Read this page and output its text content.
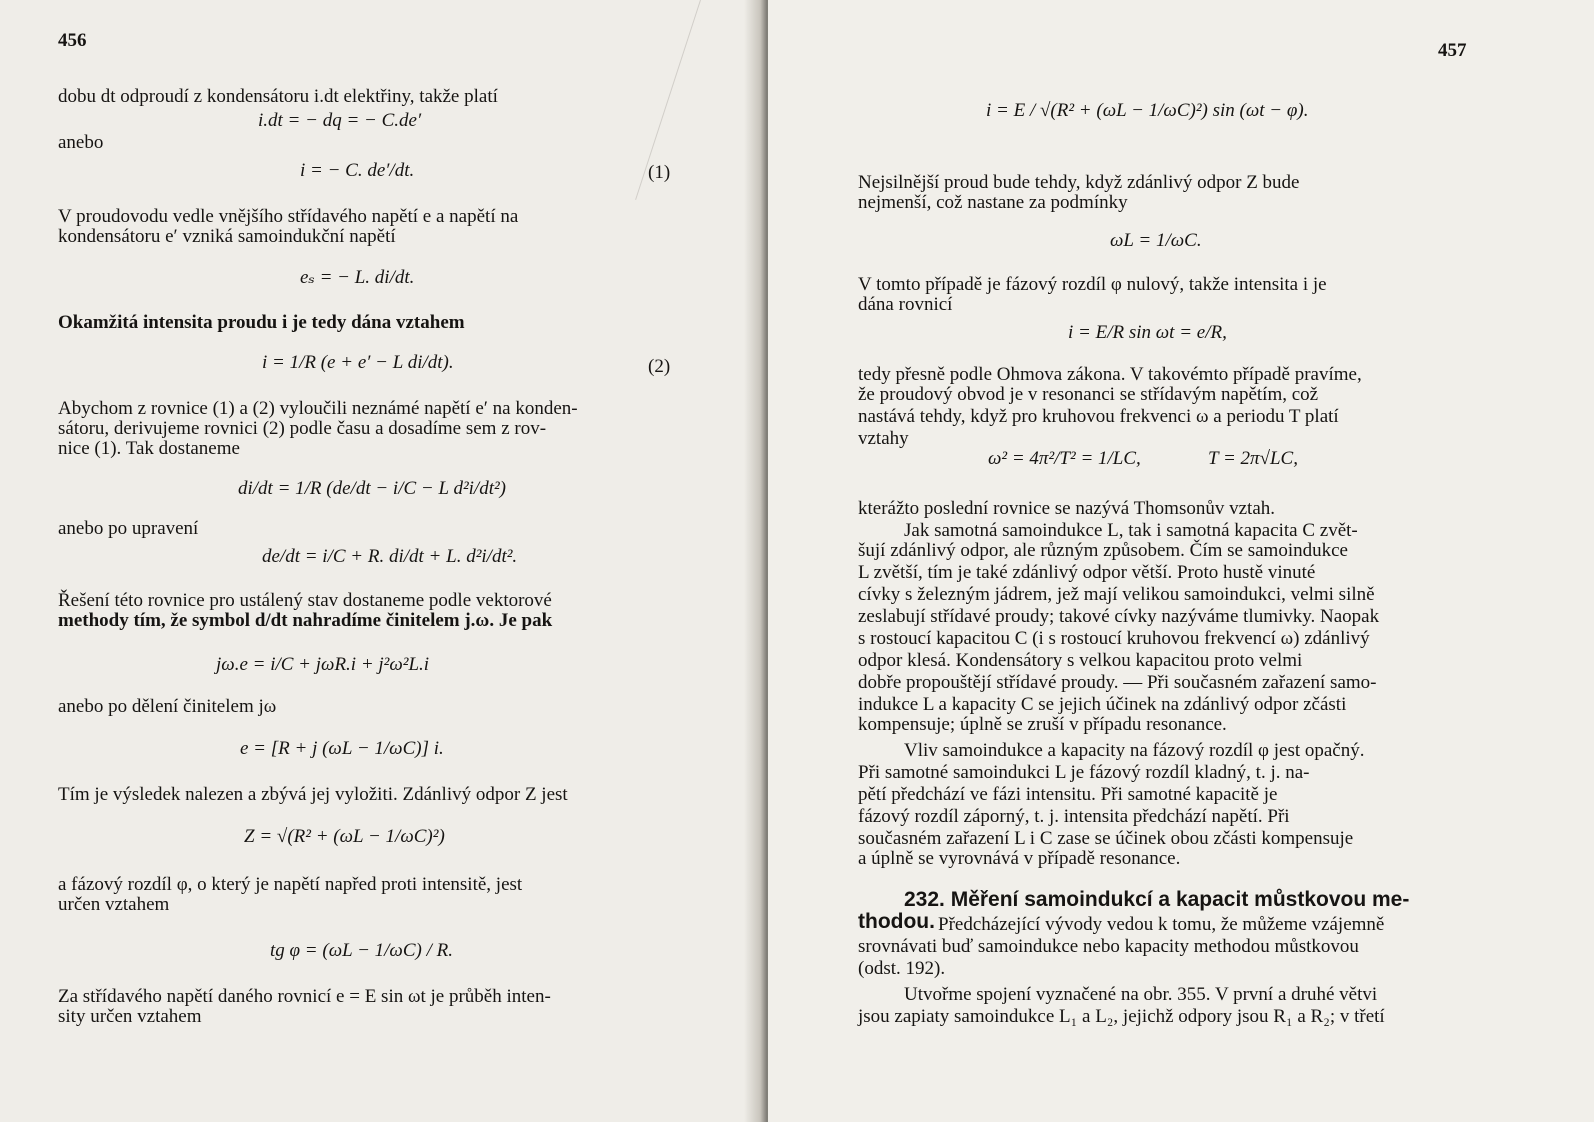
456
dobu dt odproudí z kondensátoru i.dt elektřiny, takže platí
i.dt = − dq = − C.de′
anebo
i = − C. de′/dt.	(1)
V proudovodu vedle vnějšího střídavého napětí e a napětí na
kondensátoru e′ vzniká samoindukční napětí
eₛ = − L. di/dt.
Okamžitá intensita proudu i je tedy dána vztahem
i = 1/R (e + e′ − L di/dt).	(2)
Abychom z rovnice (1) a (2) vyloučili neznámé napětí e′ na konden-
sátoru, derivujeme rovnici (2) podle času a dosadíme sem z rov-
nice (1). Tak dostaneme
di/dt = 1/R (de/dt − i/C − L d²i/dt²)
anebo po upravení
de/dt = i/C + R. di/dt + L. d²i/dt².
Řešení této rovnice pro ustálený stav dostaneme podle vektorové
methody tím, že symbol d/dt nahradíme činitelem j.ω. Je pak
jω.e = i/C + jωR.i + j²ω²L.i
anebo po dělení činitelem jω
e = [R + j (ωL − 1/ωC)] i.
Tím je výsledek nalezen a zbývá jej vyložiti. Zdánlivý odpor Z jest
Z = √(R² + (ωL − 1/ωC)²)
a fázový rozdíl φ, o který je napětí napřed proti intensitě, jest
určen vztahem
tg φ = (ωL − 1/ωC) / R.
Za střídavého napětí daného rovnicí e = E sin ωt je průběh inten-
sity určen vztahem
457
i = E / √(R² + (ωL − 1/ωC)²) sin (ωt − φ).
Nejsilnější proud bude tehdy, když zdánlivý odpor Z bude
nejmenší, což nastane za podmínky
ωL = 1/ωC.
V tomto případě je fázový rozdíl φ nulový, takže intensita i je
dána rovnicí
i = E/R sin ωt = e/R,
tedy přesně podle Ohmova zákona. V takovémto případě pravíme,
že proudový obvod je v resonanci se střídavým napětím, což
nastává tehdy, když pro kruhovou frekvenci ω a periodu T platí
vztahy
ω² = 4π²/T² = 1/LC,	T = 2π√LC,
kterážto poslední rovnice se nazývá Thomsonův vztah.
Jak samotná samoindukce L, tak i samotná kapacita C zvět-
šují zdánlivý odpor, ale různým způsobem. Čím se samoindukce
L zvětší, tím je také zdánlivý odpor větší. Proto hustě vinuté
cívky s železným jádrem, jež mají velikou samoindukci, velmi silně
zeslabují střídavé proudy; takové cívky nazýváme tlumivky. Naopak
s rostoucí kapacitou C (i s rostoucí kruhovou frekvencí ω) zdánlivý
odpor klesá. Kondensátory s velkou kapacitou proto velmi
dobře propouštějí střídavé proudy. — Při současném zařazení samo-
indukce L a kapacity C se jejich účinek na zdánlivý odpor zčásti
kompensuje; úplně se zruší v případu resonance.
Vliv samoindukce a kapacity na fázový rozdíl φ jest opačný.
Při samotné samoindukci L je fázový rozdíl kladný, t. j. na-
pětí předchází ve fázi intensitu. Při samotné kapacitě je
fázový rozdíl záporný, t. j. intensita předchází napětí. Při
současném zařazení L i C zase se účinek obou zčásti kompensuje
a úplně se vyrovnává v případě resonance.
232. Měření samoindukcí a kapacit můstkovou me-
thodou. Předcházející vývody vedou k tomu, že můžeme vzájemně
srovnávati buď samoindukce nebo kapacity methodou můstkovou
(odst. 192).
Utvořme spojení vyznačené na obr. 355. V první a druhé větvi
jsou zapiaty samoindukce L₁ a L₂, jejichž odpory jsou R₁ a R₂; v třetí
